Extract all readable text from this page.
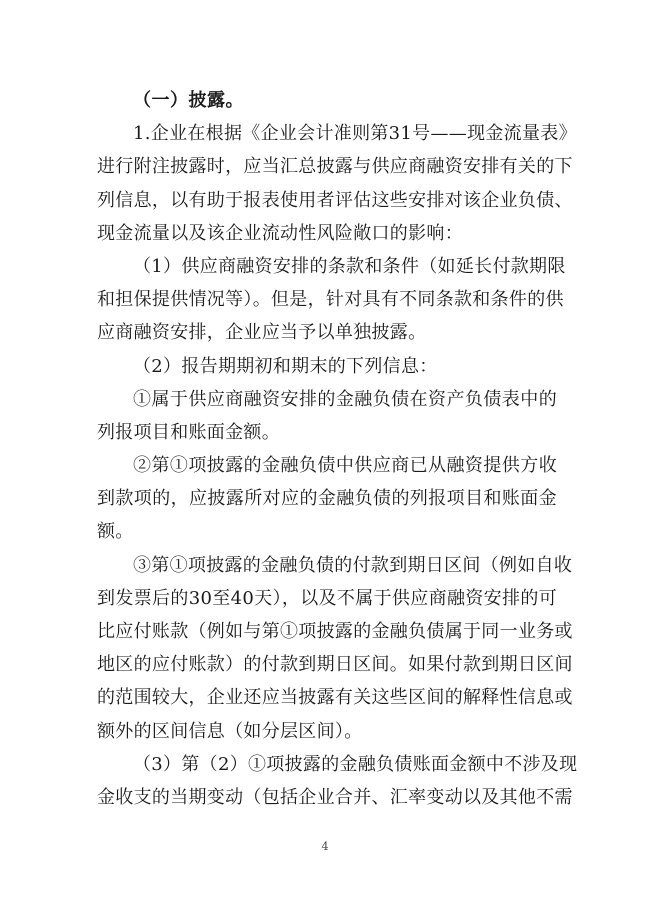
（一）披露。
1.企业在根据《企业会计准则第31号——现金流量表》
进行附注披露时，应当汇总披露与供应商融资安排有关的下
列信息，以有助于报表使用者评估这些安排对该企业负债、
现金流量以及该企业流动性风险敞口的影响：
（1）供应商融资安排的条款和条件（如延长付款期限
和担保提供情况等）。但是，针对具有不同条款和条件的供
应商融资安排，企业应当予以单独披露。
（2）报告期期初和期末的下列信息：
①属于供应商融资安排的金融负债在资产负债表中的
列报项目和账面金额。
②第①项披露的金融负债中供应商已从融资提供方收
到款项的，应披露所对应的金融负债的列报项目和账面金
额。
③第①项披露的金融负债的付款到期日区间（例如自收
到发票后的30至40天），以及不属于供应商融资安排的可
比应付账款（例如与第①项披露的金融负债属于同一业务或
地区的应付账款）的付款到期日区间。如果付款到期日区间
的范围较大，企业还应当披露有关这些区间的解释性信息或
额外的区间信息（如分层区间）。
（3）第（2）①项披露的金融负债账面金额中不涉及现
金收支的当期变动（包括企业合并、汇率变动以及其他不需
4
